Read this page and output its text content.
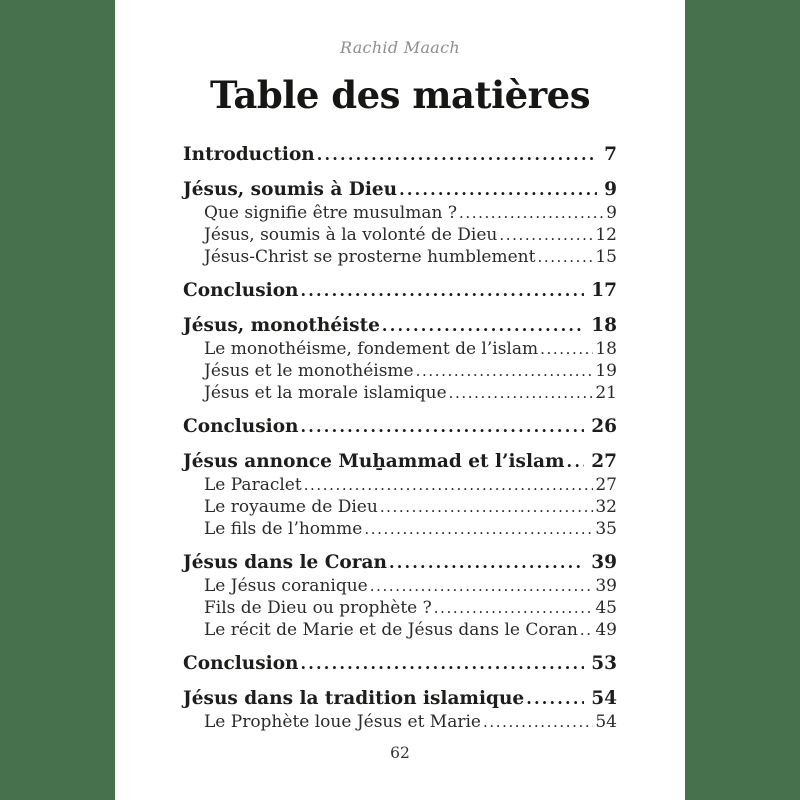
Rachid Maach
Table des matières
Introduction .....	7
Jésus, soumis à Dieu .....	9
Que signifie être musulman ? .....	9
Jésus, soumis à la volonté de Dieu .....	12
Jésus-Christ se prosterne humblement .....	15
Conclusion .....	17
Jésus, monothéiste .....	18
Le monothéisme, fondement de l’islam .....	18
Jésus et le monothéisme .....	19
Jésus et la morale islamique .....	21
Conclusion .....	26
Jésus annonce Muẖammad et l’islam ..... 27
Le Paraclet .....	27
Le royaume de Dieu .....	32
Le fils de l’homme .....	35
Jésus dans le Coran .....	39
Le Jésus coranique .....	39
Fils de Dieu ou prophète ? .....	45
Le récit de Marie et de Jésus dans le Coran ..... 49
Conclusion .....	53
Jésus dans la tradition islamique .....	54
Le Prophète loue Jésus et Marie .....	54
62
